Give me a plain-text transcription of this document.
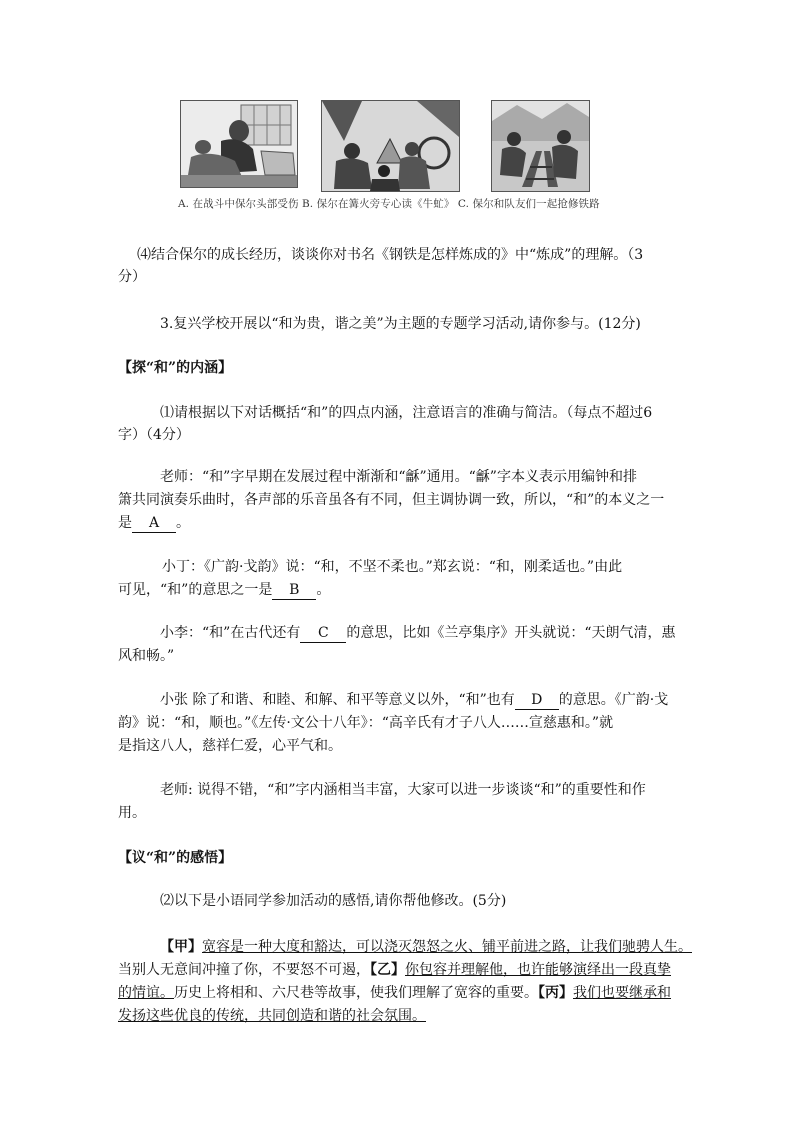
A. 在战斗中保尔头部受伤 B. 保尔在篝火旁专心读《牛虻》 C. 保尔和队友们一起抢修铁路
⑷结合保尔的成长经历，谈谈你对书名《钢铁是怎样炼成的》中“炼成”的理解。（3
分）
3.复兴学校开展以“和为贵，谐之美”为主题的专题学习活动,请你参与。(12分)
【探“和”的内涵】
⑴请根据以下对话概括“和”的四点内涵，注意语言的准确与简洁。（每点不超过6
字）（4分）
老师：“和”字早期在发展过程中渐渐和“龢”通用。“龢”字本义表示用编钟和排
箫共同演奏乐曲时，各声部的乐音虽各有不同，但主调协调一致，所以，“和”的本义之一
是 A 。
小丁：《广韵·戈韵》说：“和，不坚不柔也。”郑玄说：“和，刚柔适也。”由此
可见，“和”的意思之一是 B 。
小李：“和”在古代还有 C 的意思，比如《兰亭集序》开头就说：“天朗气清，惠
风和畅。”
小张 除了和谐、和睦、和解、和平等意义以外，“和”也有 D 的意思。《广韵·戈
韵》说：“和，顺也。”《左传·文公十八年》：“高辛氏有才子八人……宣慈惠和。”就
是指这八人，慈祥仁爱，心平气和。
老师: 说得不错，“和”字内涵相当丰富，大家可以进一步谈谈“和”的重要性和作
用。
【议“和”的感悟】
⑵以下是小语同学参加活动的感悟,请你帮他修改。(5分)
【甲】宽容是一种大度和豁达，可以浇灭怨怒之火、铺平前进之路，让我们驰骋人生。
当别人无意间冲撞了你，不要怒不可遏，【乙】你包容并理解他，也许能够演绎出一段真挚
的情谊。历史上将相和、六尺巷等故事，使我们理解了宽容的重要。【丙】我们也要继承和
发扬这些优良的传统，共同创造和谐的社会氛围。
